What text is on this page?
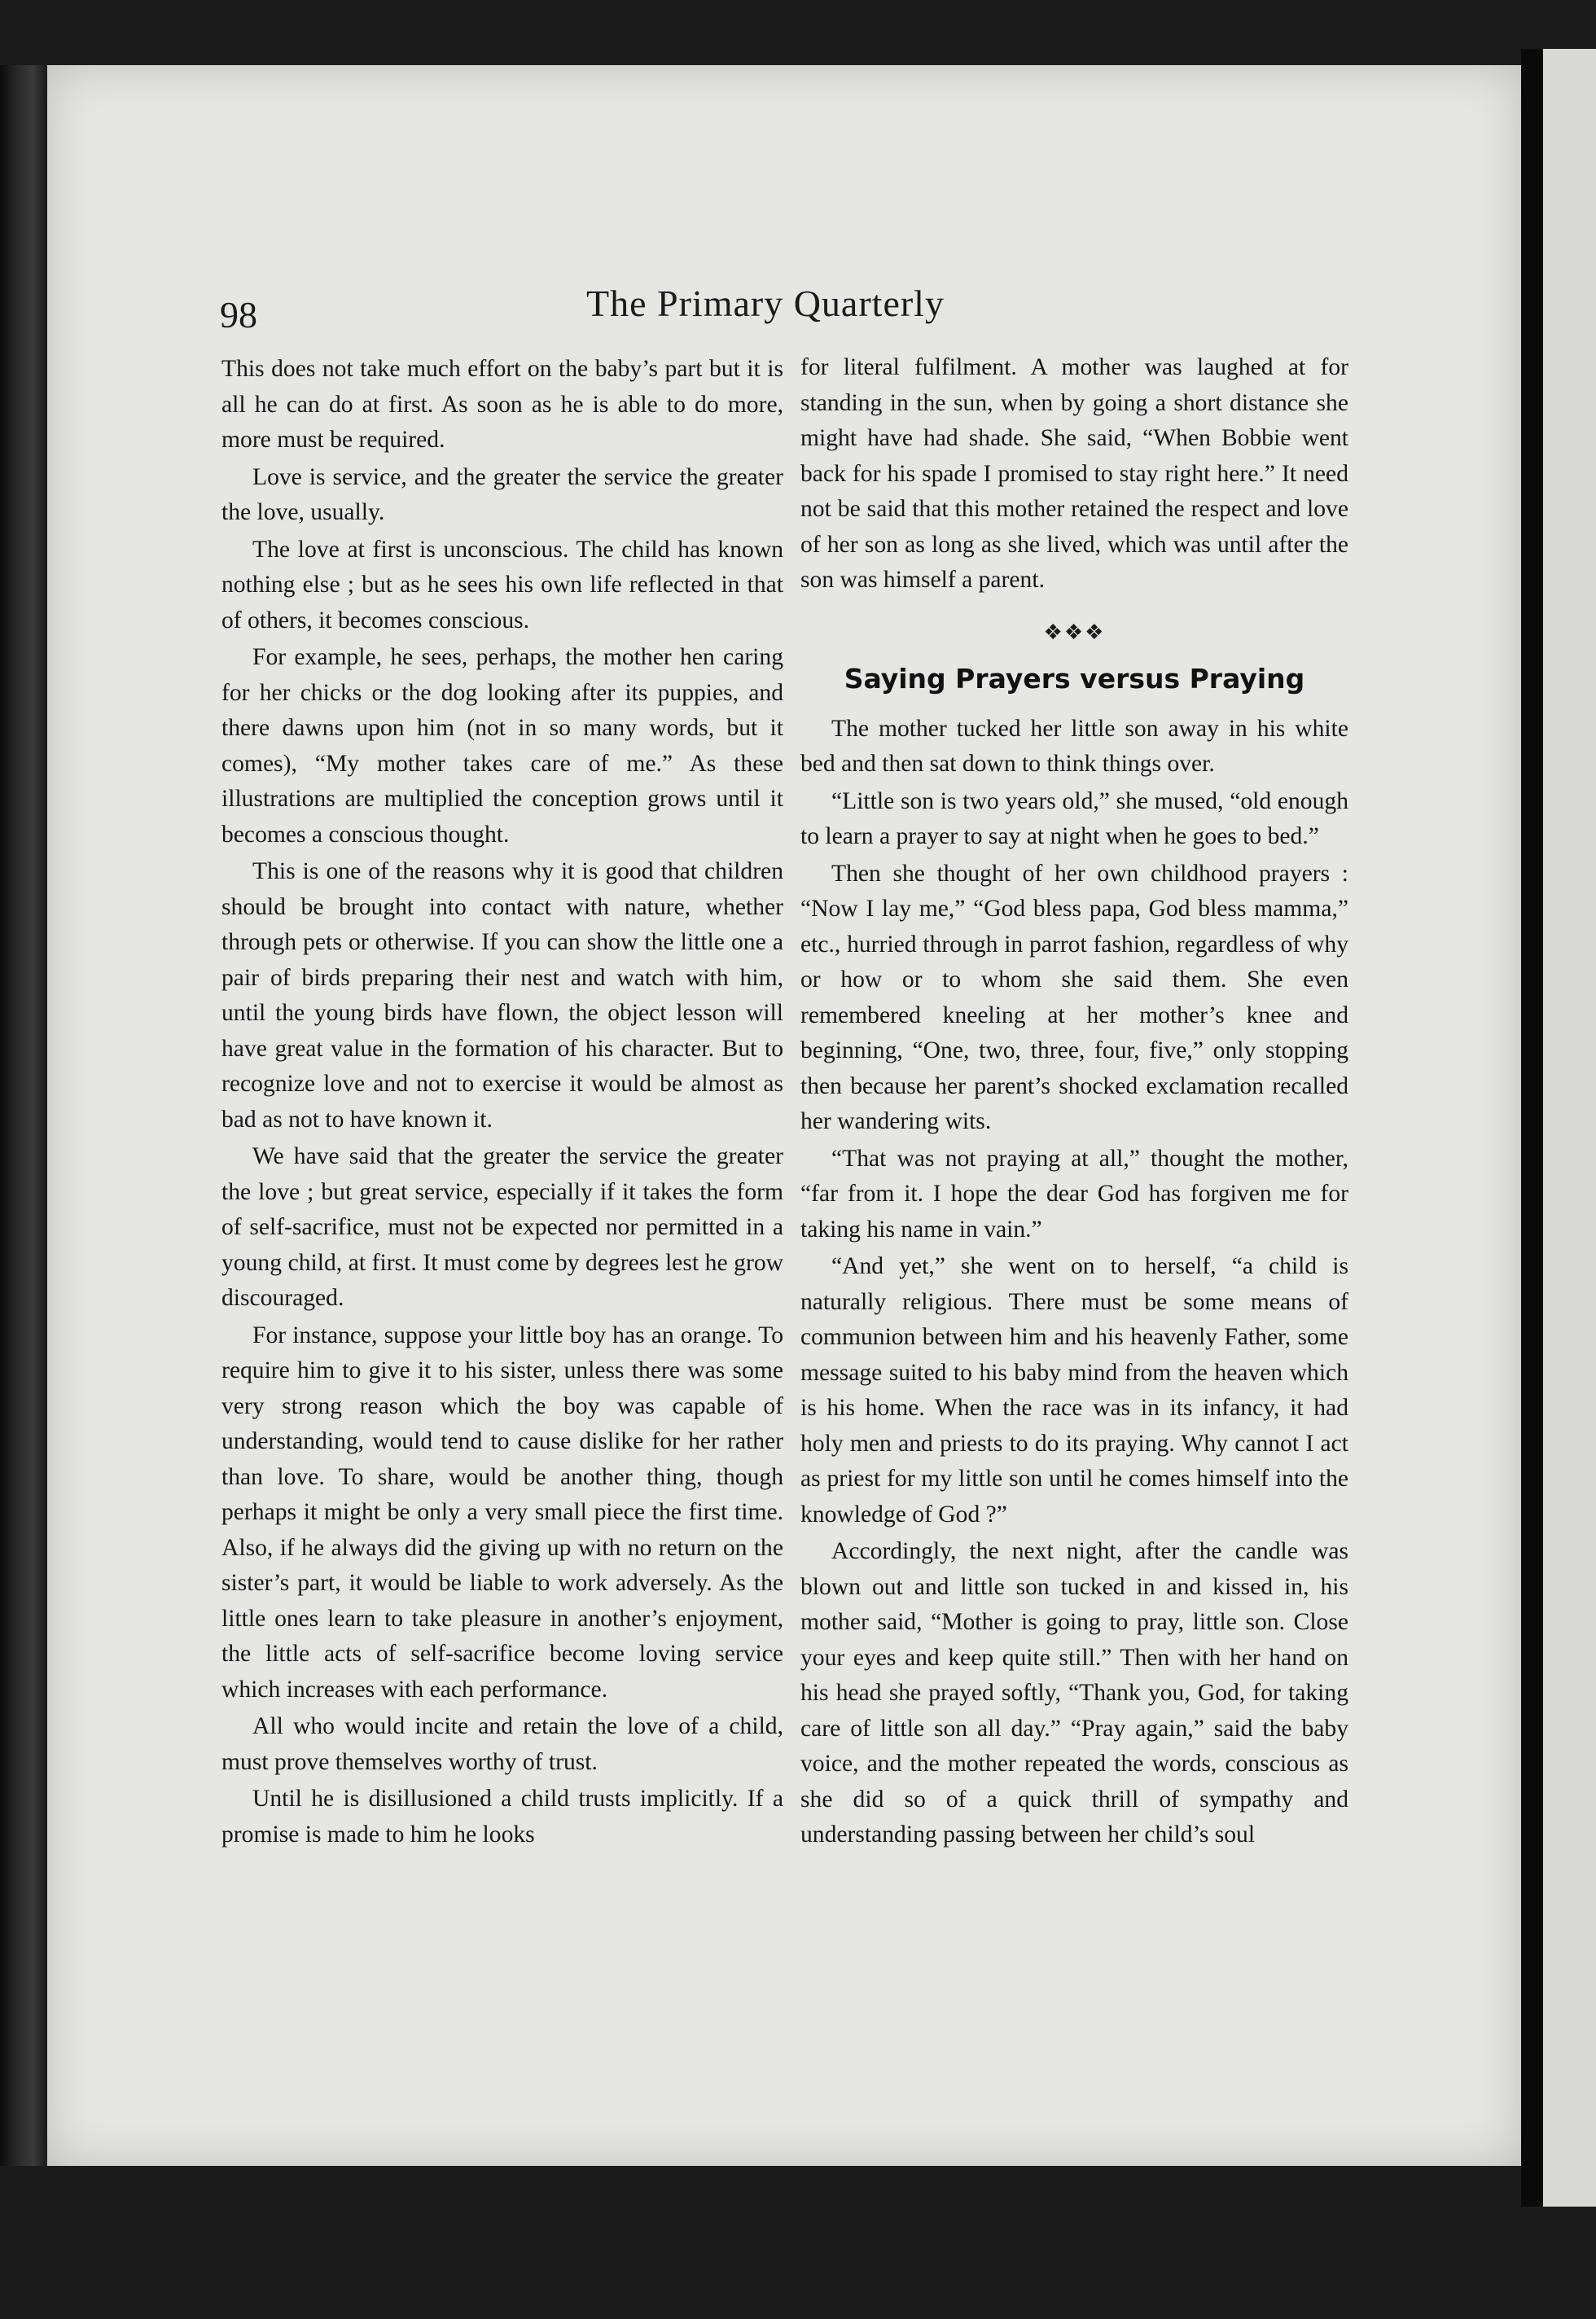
98	The Primary Quarterly

This does not take much effort on the baby’s part but it is all he can do at first. As soon as he is able to do more, more must be required.

Love is service, and the greater the service the greater the love, usually.

The love at first is unconscious. The child has known nothing else ; but as he sees his own life reflected in that of others, it becomes conscious.

For example, he sees, perhaps, the mother hen caring for her chicks or the dog looking after its puppies, and there dawns upon him (not in so many words, but it comes), “My mother takes care of me.” As these illustrations are multiplied the conception grows until it becomes a conscious thought.

This is one of the reasons why it is good that children should be brought into contact with nature, whether through pets or otherwise. If you can show the little one a pair of birds preparing their nest and watch with him, until the young birds have flown, the object lesson will have great value in the formation of his character. But to recognize love and not to exercise it would be almost as bad as not to have known it.

We have said that the greater the service the greater the love ; but great service, especially if it takes the form of self-sacrifice, must not be expected nor permitted in a young child, at first. It must come by degrees lest he grow discouraged.

For instance, suppose your little boy has an orange. To require him to give it to his sister, unless there was some very strong reason which the boy was capable of understanding, would tend to cause dislike for her rather than love. To share, would be another thing, though perhaps it might be only a very small piece the first time. Also, if he always did the giving up with no return on the sister’s part, it would be liable to work adversely. As the little ones learn to take pleasure in another’s enjoyment, the little acts of self-sacrifice become loving service which increases with each performance.

All who would incite and retain the love of a child, must prove themselves worthy of trust.

Until he is disillusioned a child trusts implicitly. If a promise is made to him he looks

for literal fulfilment. A mother was laughed at for standing in the sun, when by going a short distance she might have had shade. She said, “When Bobbie went back for his spade I promised to stay right here.” It need not be said that this mother retained the respect and love of her son as long as she lived, which was until after the son was himself a parent.

❖❖❖
Saying Prayers versus Praying

The mother tucked her little son away in his white bed and then sat down to think things over.

“Little son is two years old,” she mused, “old enough to learn a prayer to say at night when he goes to bed.”

Then she thought of her own childhood prayers : “Now I lay me,” “God bless papa, God bless mamma,” etc., hurried through in parrot fashion, regardless of why or how or to whom she said them. She even remembered kneeling at her mother’s knee and beginning, “One, two, three, four, five,” only stopping then because her parent’s shocked exclamation recalled her wandering wits.

“That was not praying at all,” thought the mother, “far from it. I hope the dear God has forgiven me for taking his name in vain.”

“And yet,” she went on to herself, “a child is naturally religious. There must be some means of communion between him and his heavenly Father, some message suited to his baby mind from the heaven which is his home. When the race was in its infancy, it had holy men and priests to do its praying. Why cannot I act as priest for my little son until he comes himself into the knowledge of God ?”

Accordingly, the next night, after the candle was blown out and little son tucked in and kissed in, his mother said, “Mother is going to pray, little son. Close your eyes and keep quite still.” Then with her hand on his head she prayed softly, “Thank you, God, for taking care of little son all day.” “Pray again,” said the baby voice, and the mother repeated the words, conscious as she did so of a quick thrill of sympathy and understanding passing between her child’s soul
